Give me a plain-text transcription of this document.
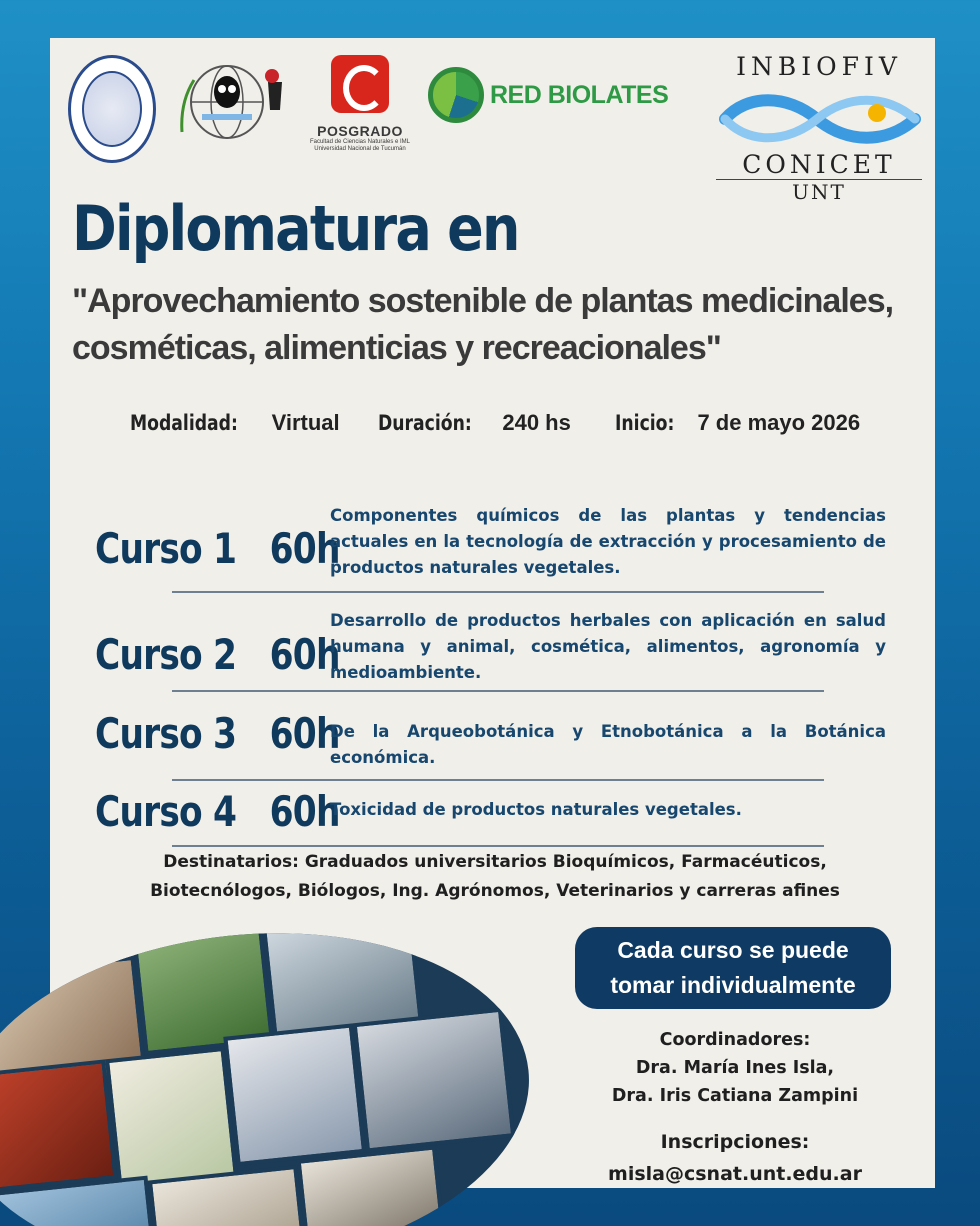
POSGRADO
Facultad de Ciencias Naturales e IML
Universidad Nacional de Tucumán
RED BIOLATES
INBIOFIV
CONICET
UNT
Diplomatura en
"Aprovechamiento sostenible de plantas medicinales, cosméticas, alimenticias y recreacionales"
Modalidad: Virtual Duración: 240 hs Inicio: 7 de mayo 2026
Curso 1   60h
Componentes químicos de las plantas y tendencias actuales en la tecnología de extracción y procesamiento de productos naturales vegetales.
Curso 2   60h
Desarrollo de productos herbales con aplicación en salud humana y animal, cosmética, alimentos, agronomía y medioambiente.
Curso 3   60h
De la Arqueobotánica y Etnobotánica a la Botánica económica.
Curso 4   60h
Toxicidad de productos naturales vegetales.
Destinatarios: Graduados universitarios Bioquímicos, Farmacéuticos,
Biotecnólogos, Biólogos, Ing. Agrónomos, Veterinarios y carreras afines
Cada curso se puede
tomar individualmente
Coordinadores:
Dra. María Ines Isla,
Dra. Iris Catiana Zampini
Inscripciones:
misla@csnat.unt.edu.ar
